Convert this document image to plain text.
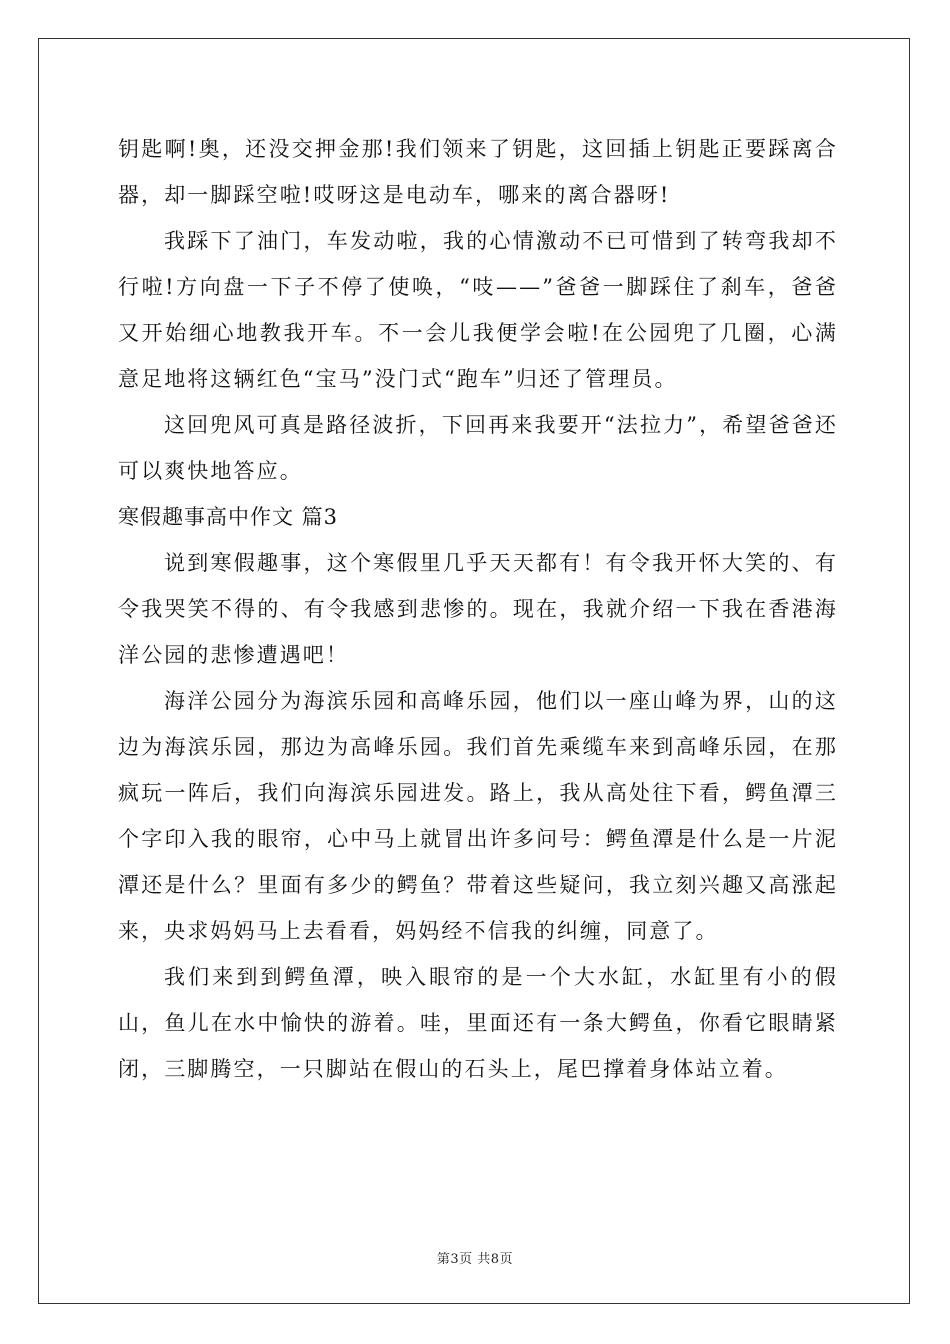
钥匙啊!奥，还没交押金那!我们领来了钥匙，这回插上钥匙正要踩离合器，却一脚踩空啦!哎呀这是电动车，哪来的离合器呀!

我踩下了油门，车发动啦，我的心情激动不已可惜到了转弯我却不行啦!方向盘一下子不停了使唤，“吱——”爸爸一脚踩住了刹车，爸爸又开始细心地教我开车。不一会儿我便学会啦!在公园兜了几圈，心满意足地将这辆红色“宝马”没门式“跑车”归还了管理员。

这回兜风可真是路径波折，下回再来我要开“法拉力”，希望爸爸还可以爽快地答应。

寒假趣事高中作文 篇3

说到寒假趣事，这个寒假里几乎天天都有！有令我开怀大笑的、有令我哭笑不得的、有令我感到悲惨的。现在，我就介绍一下我在香港海洋公园的悲惨遭遇吧！

海洋公园分为海滨乐园和高峰乐园，他们以一座山峰为界，山的这边为海滨乐园，那边为高峰乐园。我们首先乘缆车来到高峰乐园，在那疯玩一阵后，我们向海滨乐园进发。路上，我从高处往下看，鳄鱼潭三个字印入我的眼帘，心中马上就冒出许多问号：鳄鱼潭是什么是一片泥潭还是什么？里面有多少的鳄鱼？带着这些疑问，我立刻兴趣又高涨起来，央求妈妈马上去看看，妈妈经不信我的纠缠，同意了。

我们来到到鳄鱼潭，映入眼帘的是一个大水缸，水缸里有小的假山，鱼儿在水中愉快的游着。哇，里面还有一条大鳄鱼，你看它眼睛紧闭，三脚腾空，一只脚站在假山的石头上，尾巴撑着身体站立着。

第3页 共8页
